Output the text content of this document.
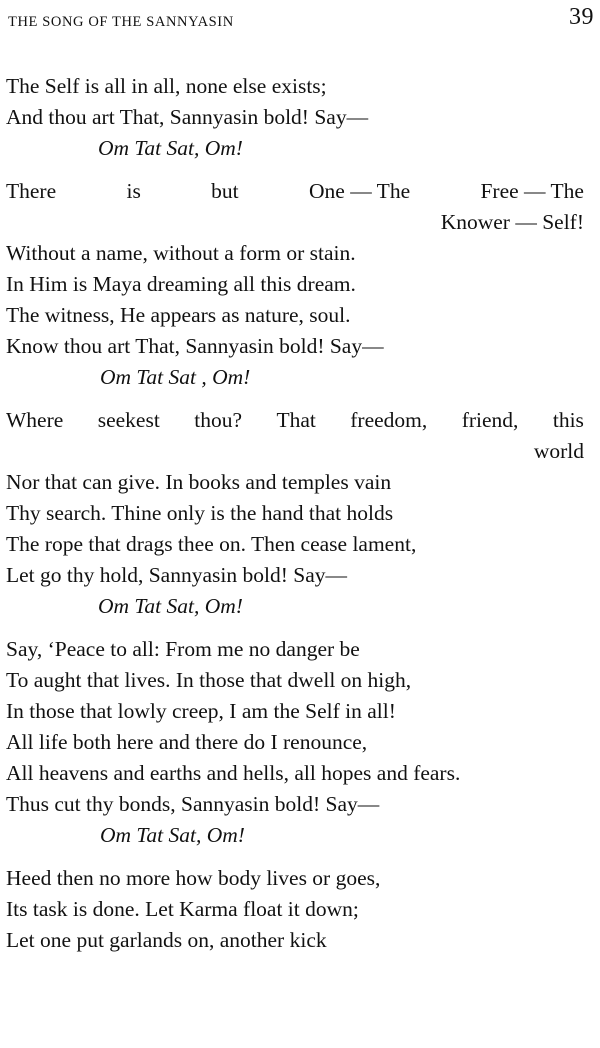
THE SONG OF THE SANNYASIN	39
The Self is all in all, none else exists;
And thou art That, Sannyasin bold! Say—
Om Tat Sat, Om!
There	is	but	One — The	Free — The
Knower — Self!
Without a name, without a form or stain.
In Him is Maya dreaming all this dream.
The witness, He appears as nature, soul.
Know thou art That, Sannyasin bold! Say—
Om Tat Sat , Om!
Where seekest thou? That freedom, friend, this
world
Nor that can give. In books and temples vain
Thy search. Thine only is the hand that holds
The rope that drags thee on. Then cease lament,
Let go thy hold, Sannyasin bold! Say—
Om Tat Sat, Om!
Say, ‘Peace to all: From me no danger be
To aught that lives. In those that dwell on high,
In those that lowly creep, I am the Self in all!
All life both here and there do I renounce,
All heavens and earths and hells, all hopes and fears.
Thus cut thy bonds, Sannyasin bold! Say—
Om Tat Sat, Om!
Heed then no more how body lives or goes,
Its task is done. Let Karma float it down;
Let one put garlands on, another kick
